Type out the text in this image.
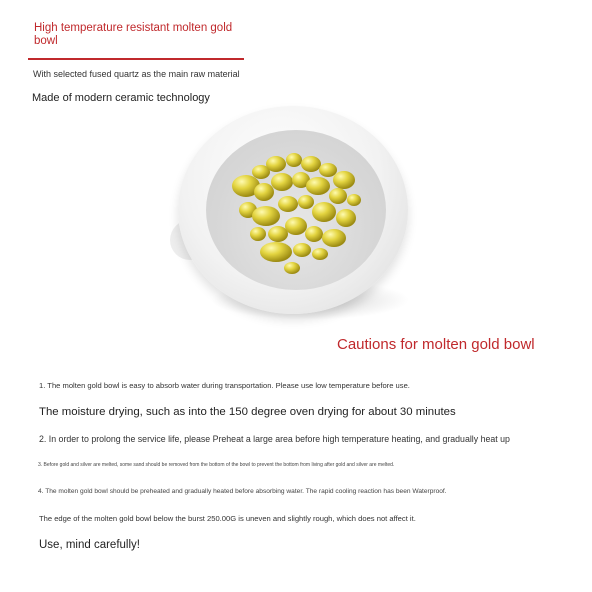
High temperature resistant molten gold bowl
With selected fused quartz as the main raw material
Made of modern ceramic technology
Cautions for molten gold bowl
1. The molten gold bowl is easy to absorb water during transportation. Please use low temperature before use.
The moisture drying, such as into the 150 degree oven drying for about 30 minutes
2. In order to prolong the service life, please Preheat a large area before high temperature heating, and gradually heat up
3. Before gold and silver are melted, some sand should be removed from the bottom of the bowl to prevent the bottom from living after gold and silver are melted.
4. The molten gold bowl should be preheated and gradually heated before absorbing water. The rapid cooling reaction has been Waterproof.
The edge of the molten gold bowl below the burst 250.00G is uneven and slightly rough, which does not affect it.
Use, mind carefully!
